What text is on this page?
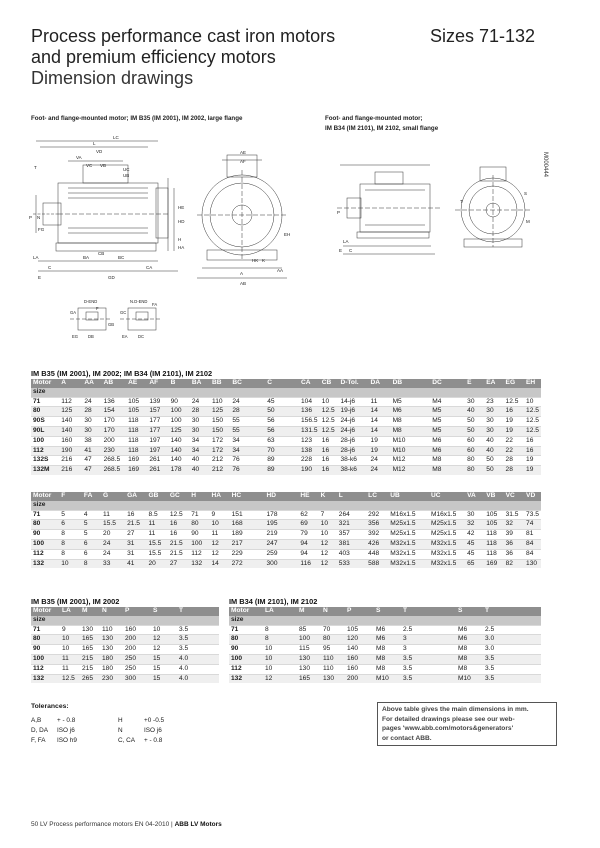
Process performance cast iron motors
and premium efficiency motors
Dimension drawings
Sizes 71-132
Foot- and flange-mounted motor; IM B35 (IM 2001), IM 2002, large flange	Foot- and flange-mounted motor;
IM B34 (IM 2101), IM 2102, small flange
M000444
LC
L
VA
VD
UC
UB
VC VB
T
HE
P N
HD
H
HA
FG
CB
LA	BA	BC
C	CA
E	GD
AE
AF
EH
HK K
AA
A
AB
P
LA
C
E
T
S
M
D-END	N.D-END
F
GA	GC
FA
GB
DB	DC
EG	EA
IM B35 (IM 2001), IM 2002; IM B34 (IM 2101), IM 2102
Motor	A	AA	AB	AE	AF	B	BA	BB	BC	C	CA	CB	D-Tol.	DA	DB	DC	E	EA	EG	EH
size																				
71	112	24	136	105	139	90	24	110	24	45	104	10	14-j6	11	M5	M4	30	23	12.5	10
80	125	28	154	105	157	100	28	125	28	50	136	12.5	19-j6	14	M6	M5	40	30	16	12.5
90S	140	30	170	118	177	100	30	150	55	56	156.5	12.5	24-j6	14	M8	M5	50	30	19	12.5
90L	140	30	170	118	177	125	30	150	55	56	131.5	12.5	24-j6	14	M8	M5	50	30	19	12.5
100	160	38	200	118	197	140	34	172	34	63	123	16	28-j6	19	M10	M6	60	40	22	16
112	190	41	230	118	197	140	34	172	34	70	138	16	28-j6	19	M10	M6	60	40	22	16
132S	216	47	268.5	169	261	140	40	212	76	89	228	16	38-k6	24	M12	M8	80	50	28	19
132M	216	47	268.5	169	261	178	40	212	76	89	190	16	38-k6	24	M12	M8	80	50	28	19
Motor	F	FA	G	GA	GB	GC	H	HA	HC	HD	HE	K	L	LC	UB	UC	VA	VB	VC	VD
size																				
71	5	4	11	16	8.5	12.5	71	9	151	178	62	7	264	292	M16x1.5	M16x1.5	30	105	31.5	73.5
80	6	5	15.5	21.5	11	16	80	10	168	195	69	10	321	356	M25x1.5	M25x1.5	32	105	32	74
90	8	5	20	27	11	16	90	11	189	219	79	10	357	392	M25x1.5	M25x1.5	42	118	39	81
100	8	6	24	31	15.5	21.5	100	12	217	247	94	12	381	426	M32x1.5	M32x1.5	45	118	36	84
112	8	6	24	31	15.5	21.5	112	12	229	259	94	12	403	448	M32x1.5	M32x1.5	45	118	36	84
132	10	8	33	41	20	27	132	14	272	300	116	12	533	588	M32x1.5	M32x1.5	65	169	82	130
IM B35 (IM 2001), IM 2002
Motor	LA	M	N	P	S	T
size						
71	9	130	110	160	10	3.5
80	10	165	130	200	12	3.5
90	10	165	130	200	12	3.5
100	11	215	180	250	15	4.0
112	11	215	180	250	15	4.0
132	12.5	265	230	300	15	4.0
IM B34 (IM 2101), IM 2102
Motor	LA	M	N	P	S	T	S	T
size								
71	8	85	70	105	M6	2.5	M6	2.5
80	8	100	80	120	M6	3	M6	3.0
90	10	115	95	140	M8	3	M8	3.0
100	10	130	110	160	M8	3.5	M8	3.5
112	10	130	110	160	M8	3.5	M8	3.5
132	12	165	130	200	M10	3.5	M10	3.5
Tolerances:
A,B + - 0.8
D, DA ISO j6
F, FA ISO h9
H	+0 -0.5
N	ISO j6
C, CA + - 0.8
Above table gives the main dimensions in mm.
For detailed drawings please see our web-
pages 'www.abb.com/motors&generators'
or contact ABB.
50 LV Process performance motors EN 04-2010 | ABB LV Motors
